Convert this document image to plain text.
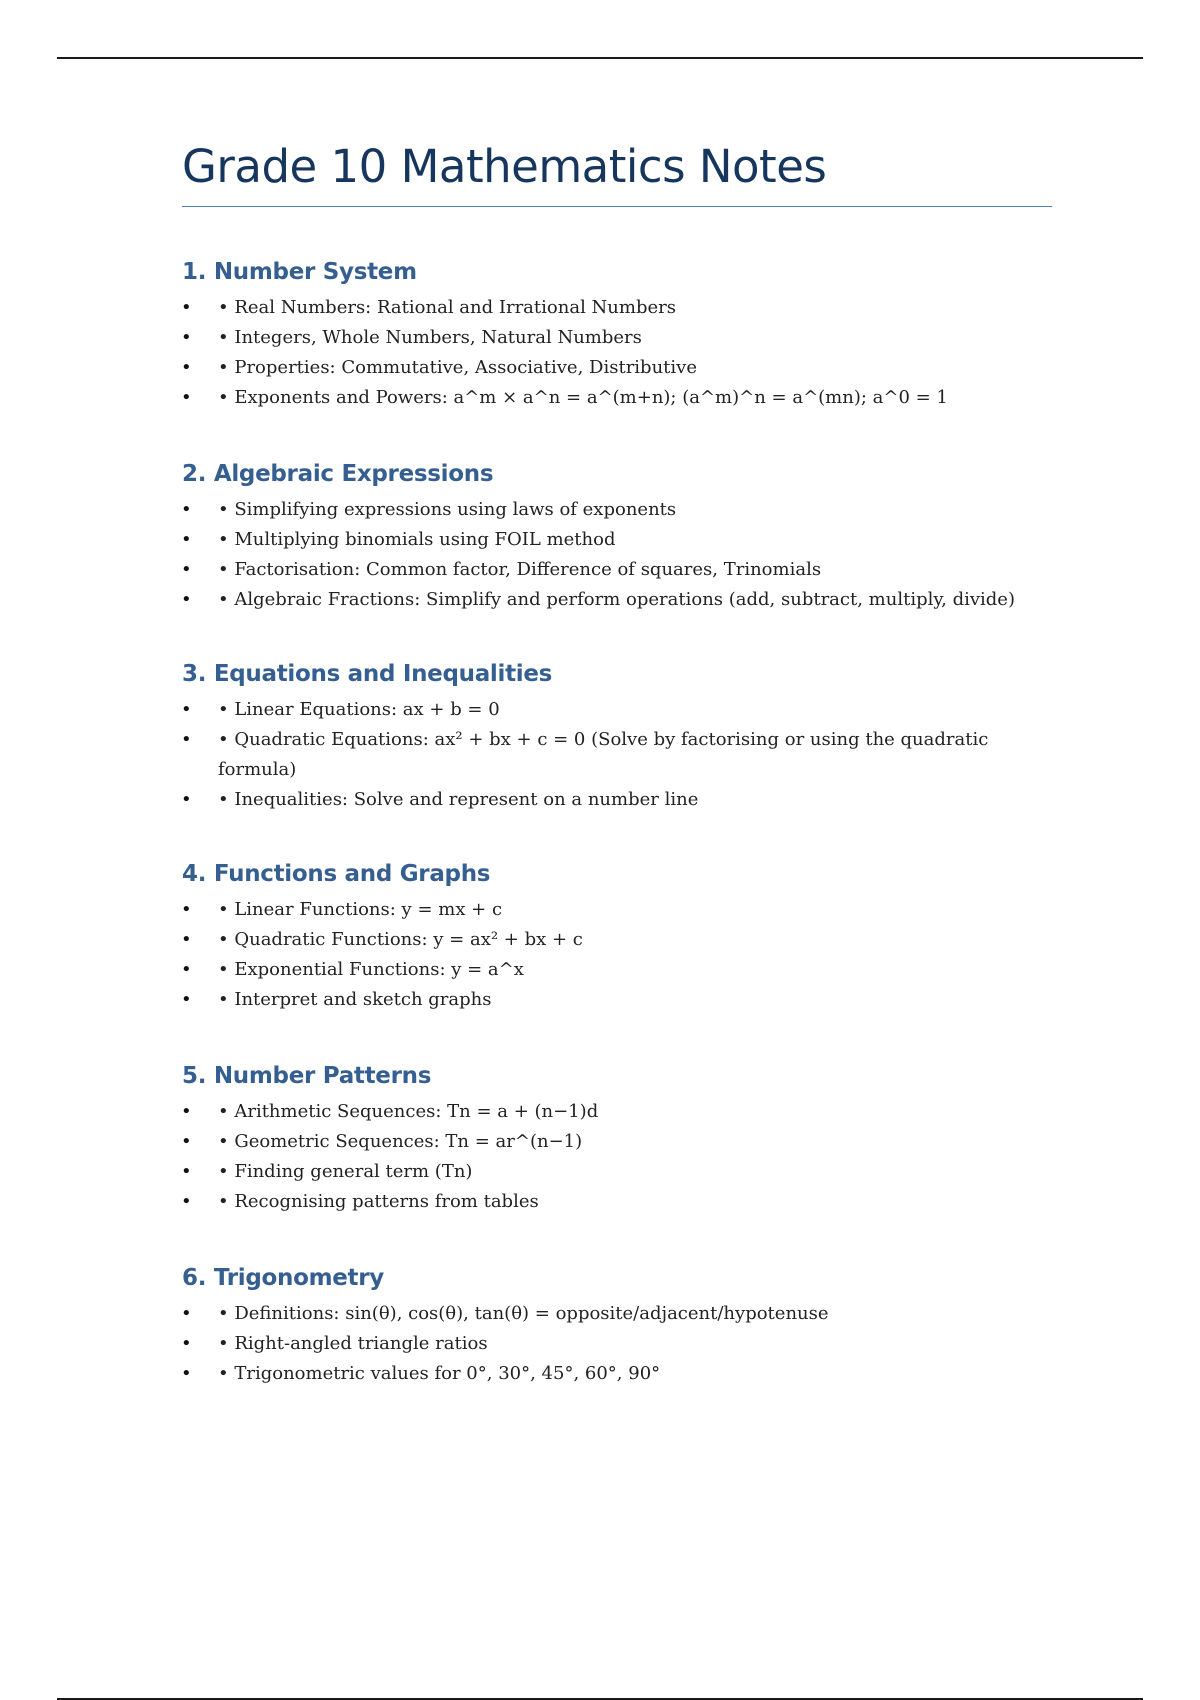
Grade 10 Mathematics Notes
1. Number System
• • Real Numbers: Rational and Irrational Numbers
• • Integers, Whole Numbers, Natural Numbers
• • Properties: Commutative, Associative, Distributive
• • Exponents and Powers: a^m × a^n = a^(m+n); (a^m)^n = a^(mn); a^0 = 1
2. Algebraic Expressions
• • Simplifying expressions using laws of exponents
• • Multiplying binomials using FOIL method
• • Factorisation: Common factor, Difference of squares, Trinomials
• • Algebraic Fractions: Simplify and perform operations (add, subtract, multiply, divide)
3. Equations and Inequalities
• • Linear Equations: ax + b = 0
• • Quadratic Equations: ax² + bx + c = 0 (Solve by factorising or using the quadratic formula)
• • Inequalities: Solve and represent on a number line
4. Functions and Graphs
• • Linear Functions: y = mx + c
• • Quadratic Functions: y = ax² + bx + c
• • Exponential Functions: y = a^x
• • Interpret and sketch graphs
5. Number Patterns
• • Arithmetic Sequences: Tn = a + (n−1)d
• • Geometric Sequences: Tn = ar^(n−1)
• • Finding general term (Tn)
• • Recognising patterns from tables
6. Trigonometry
• • Definitions: sin(θ), cos(θ), tan(θ) = opposite/adjacent/hypotenuse
• • Right-angled triangle ratios
• • Trigonometric values for 0°, 30°, 45°, 60°, 90°
